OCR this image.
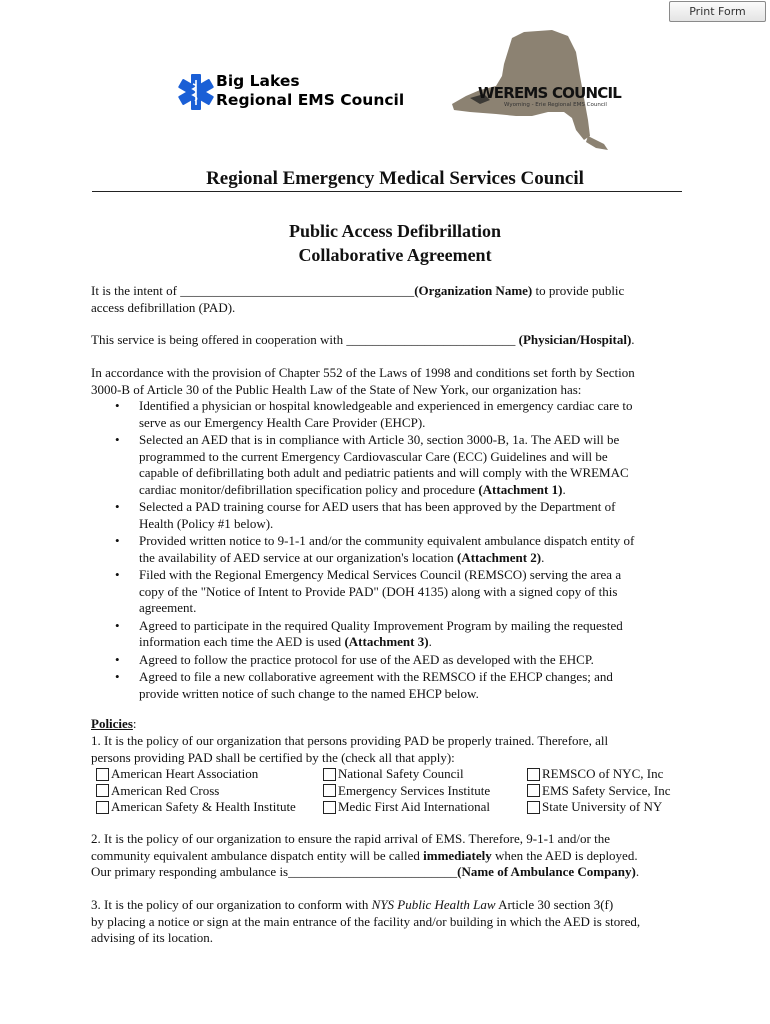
Print Form
Big Lakes
Regional EMS Council	WEREMS COUNCIL
Wyoming - Erie Regional EMS Council
Regional Emergency Medical Services Council
Public Access Defibrillation
Collaborative Agreement
It is the intent of ____________________________________(Organization Name) to provide public
access defibrillation (PAD).
This service is being offered in cooperation with __________________________ (Physician/Hospital).
In accordance with the provision of Chapter 552 of the Laws of 1998 and conditions set forth by Section
3000-B of Article 30 of the Public Health Law of the State of New York, our organization has:
• Identified a physician or hospital knowledgeable and experienced in emergency cardiac care to
serve as our Emergency Health Care Provider (EHCP).
• Selected an AED that is in compliance with Article 30, section 3000-B, 1a. The AED will be
programmed to the current Emergency Cardiovascular Care (ECC) Guidelines and will be
capable of defibrillating both adult and pediatric patients and will comply with the WREMAC
cardiac monitor/defibrillation specification policy and procedure (Attachment 1).
• Selected a PAD training course for AED users that has been approved by the Department of
Health (Policy #1 below).
• Provided written notice to 9-1-1 and/or the community equivalent ambulance dispatch entity of
the availability of AED service at our organization's location (Attachment 2).
• Filed with the Regional Emergency Medical Services Council (REMSCO) serving the area a
copy of the "Notice of Intent to Provide PAD" (DOH 4135) along with a signed copy of this
agreement.
• Agreed to participate in the required Quality Improvement Program by mailing the requested
information each time the AED is used (Attachment 3).
• Agreed to follow the practice protocol for use of the AED as developed with the EHCP.
• Agreed to file a new collaborative agreement with the REMSCO if the EHCP changes; and
provide written notice of such change to the named EHCP below.
Policies:
1. It is the policy of our organization that persons providing PAD be properly trained. Therefore, all
persons providing PAD shall be certified by the (check all that apply):
American Heart Association
American Red Cross
American Safety & Health Institute
National Safety Council
Emergency Services Institute
Medic First Aid International
REMSCO of NYC, Inc
EMS Safety Service, Inc
State University of NY
2. It is the policy of our organization to ensure the rapid arrival of EMS. Therefore, 9-1-1 and/or the
community equivalent ambulance dispatch entity will be called immediately when the AED is deployed.
Our primary responding ambulance is__________________________(Name of Ambulance Company).
3. It is the policy of our organization to conform with NYS Public Health Law Article 30 section 3(f)
by placing a notice or sign at the main entrance of the facility and/or building in which the AED is stored,
advising of its location.
